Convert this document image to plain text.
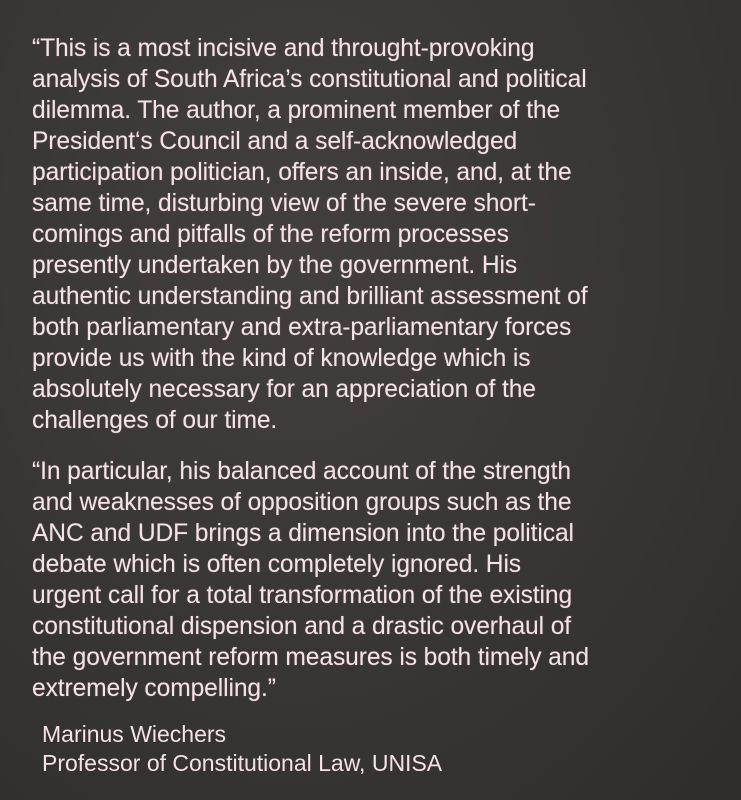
“This is a most incisive and throught-provoking
analysis of South Africa’s constitutional and political
dilemma. The author, a prominent member of the
President‘s Council and a self-acknowledged
participation politician, offers an inside, and, at the
same time, disturbing view of the severe short-
comings and pitfalls of the reform processes
presently undertaken by the government. His
authentic understanding and brilliant assessment of
both parliamentary and extra-parliamentary forces
provide us with the kind of knowledge which is
absolutely necessary for an appreciation of the
challenges of our time.

“In particular, his balanced account of the strength
and weaknesses of opposition groups such as the
ANC and UDF brings a dimension into the political
debate which is often completely ignored. His
urgent call for a total transformation of the existing
constitutional dispension and a drastic overhaul of
the government reform measures is both timely and
extremely compelling.”

Marinus Wiechers
Professor of Constitutional Law, UNISA
